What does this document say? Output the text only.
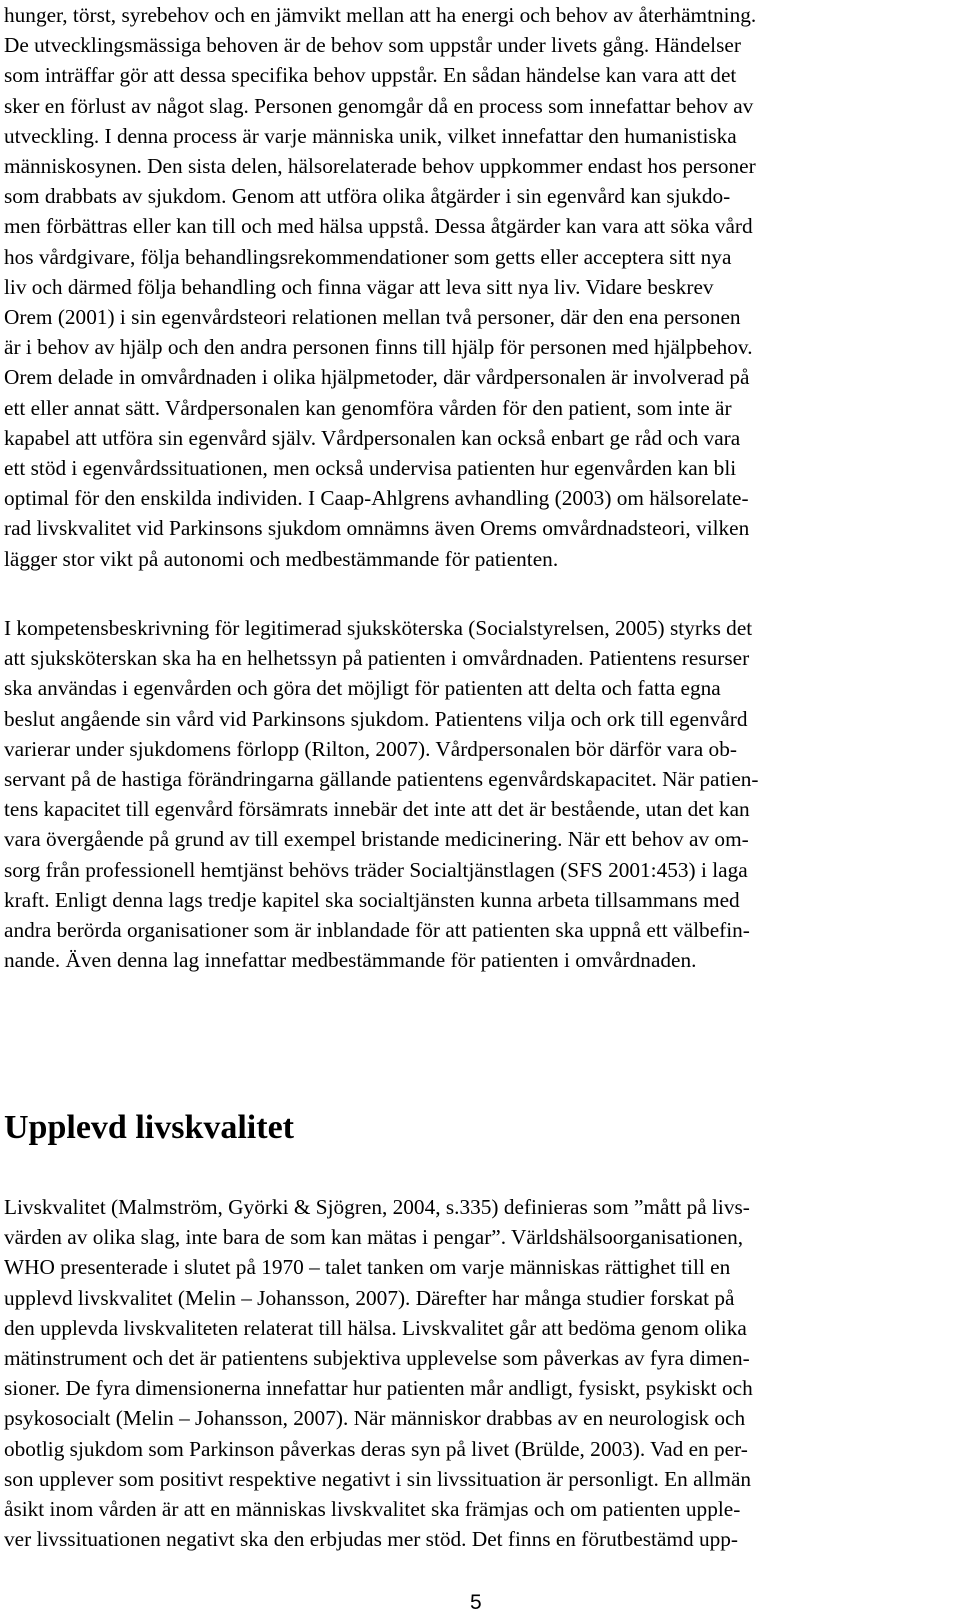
hunger, törst, syrebehov och en jämvikt mellan att ha energi och behov av återhämtning.
De utvecklingsmässiga behoven är de behov som uppstår under livets gång. Händelser
som inträffar gör att dessa specifika behov uppstår. En sådan händelse kan vara att det
sker en förlust av något slag. Personen genomgår då en process som innefattar behov av
utveckling. I denna process är varje människa unik, vilket innefattar den humanistiska
människosynen. Den sista delen, hälsorelaterade behov uppkommer endast hos personer
som drabbats av sjukdom. Genom att utföra olika åtgärder i sin egenvård kan sjukdo-
men förbättras eller kan till och med hälsa uppstå. Dessa åtgärder kan vara att söka vård
hos vårdgivare, följa behandlingsrekommendationer som getts eller acceptera sitt nya
liv och därmed följa behandling och finna vägar att leva sitt nya liv. Vidare beskrev
Orem (2001) i sin egenvårdsteori relationen mellan två personer, där den ena personen
är i behov av hjälp och den andra personen finns till hjälp för personen med hjälpbehov.
Orem delade in omvårdnaden i olika hjälpmetoder, där vårdpersonalen är involverad på
ett eller annat sätt. Vårdpersonalen kan genomföra vården för den patient, som inte är
kapabel att utföra sin egenvård själv. Vårdpersonalen kan också enbart ge råd och vara
ett stöd i egenvårdssituationen, men också undervisa patienten hur egenvården kan bli
optimal för den enskilda individen. I Caap-Ahlgrens avhandling (2003) om hälsorelate-
rad livskvalitet vid Parkinsons sjukdom omnämns även Orems omvårdnadsteori, vilken
lägger stor vikt på autonomi och medbestämmande för patienten.
I kompetensbeskrivning för legitimerad sjuksköterska (Socialstyrelsen, 2005) styrks det
att sjuksköterskan ska ha en helhetssyn på patienten i omvårdnaden. Patientens resurser
ska användas i egenvården och göra det möjligt för patienten att delta och fatta egna
beslut angående sin vård vid Parkinsons sjukdom. Patientens vilja och ork till egenvård
varierar under sjukdomens förlopp (Rilton, 2007). Vårdpersonalen bör därför vara ob-
servant på de hastiga förändringarna gällande patientens egenvårdskapacitet. När patien-
tens kapacitet till egenvård försämrats innebär det inte att det är bestående, utan det kan
vara övergående på grund av till exempel bristande medicinering. När ett behov av om-
sorg från professionell hemtjänst behövs träder Socialtjänstlagen (SFS 2001:453) i laga
kraft. Enligt denna lags tredje kapitel ska socialtjänsten kunna arbeta tillsammans med
andra berörda organisationer som är inblandade för att patienten ska uppnå ett välbefin-
nande. Även denna lag innefattar medbestämmande för patienten i omvårdnaden.
Upplevd livskvalitet
Livskvalitet (Malmström, Györki & Sjögren, 2004, s.335) definieras som ”mått på livs-
värden av olika slag, inte bara de som kan mätas i pengar”. Världshälsoorganisationen,
WHO presenterade i slutet på 1970 – talet tanken om varje människas rättighet till en
upplevd livskvalitet (Melin – Johansson, 2007). Därefter har många studier forskat på
den upplevda livskvaliteten relaterat till hälsa. Livskvalitet går att bedöma genom olika
mätinstrument och det är patientens subjektiva upplevelse som påverkas av fyra dimen-
sioner. De fyra dimensionerna innefattar hur patienten mår andligt, fysiskt, psykiskt och
psykosocialt (Melin – Johansson, 2007). När människor drabbas av en neurologisk och
obotlig sjukdom som Parkinson påverkas deras syn på livet (Brülde, 2003). Vad en per-
son upplever som positivt respektive negativt i sin livssituation är personligt. En allmän
åsikt inom vården är att en människas livskvalitet ska främjas och om patienten upple-
ver livssituationen negativt ska den erbjudas mer stöd. Det finns en förutbestämd upp-
5
